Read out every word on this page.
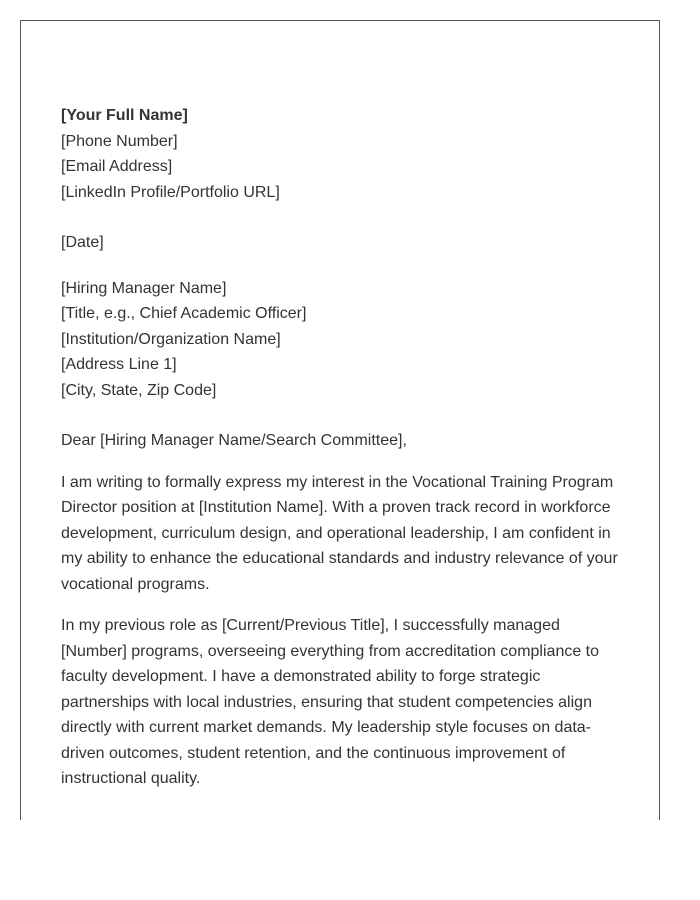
[Your Full Name]
[Phone Number]
[Email Address]
[LinkedIn Profile/Portfolio URL]
[Date]
[Hiring Manager Name]
[Title, e.g., Chief Academic Officer]
[Institution/Organization Name]
[Address Line 1]
[City, State, Zip Code]

Dear [Hiring Manager Name/Search Committee],

I am writing to formally express my interest in the Vocational Training Program Director position at [Institution Name]. With a proven track record in workforce development, curriculum design, and operational leadership, I am confident in my ability to enhance the educational standards and industry relevance of your vocational programs.

In my previous role as [Current/Previous Title], I successfully managed [Number] programs, overseeing everything from accreditation compliance to faculty development. I have a demonstrated ability to forge strategic partnerships with local industries, ensuring that student competencies align directly with current market demands. My leadership style focuses on data-driven outcomes, student retention, and the continuous improvement of instructional quality.
